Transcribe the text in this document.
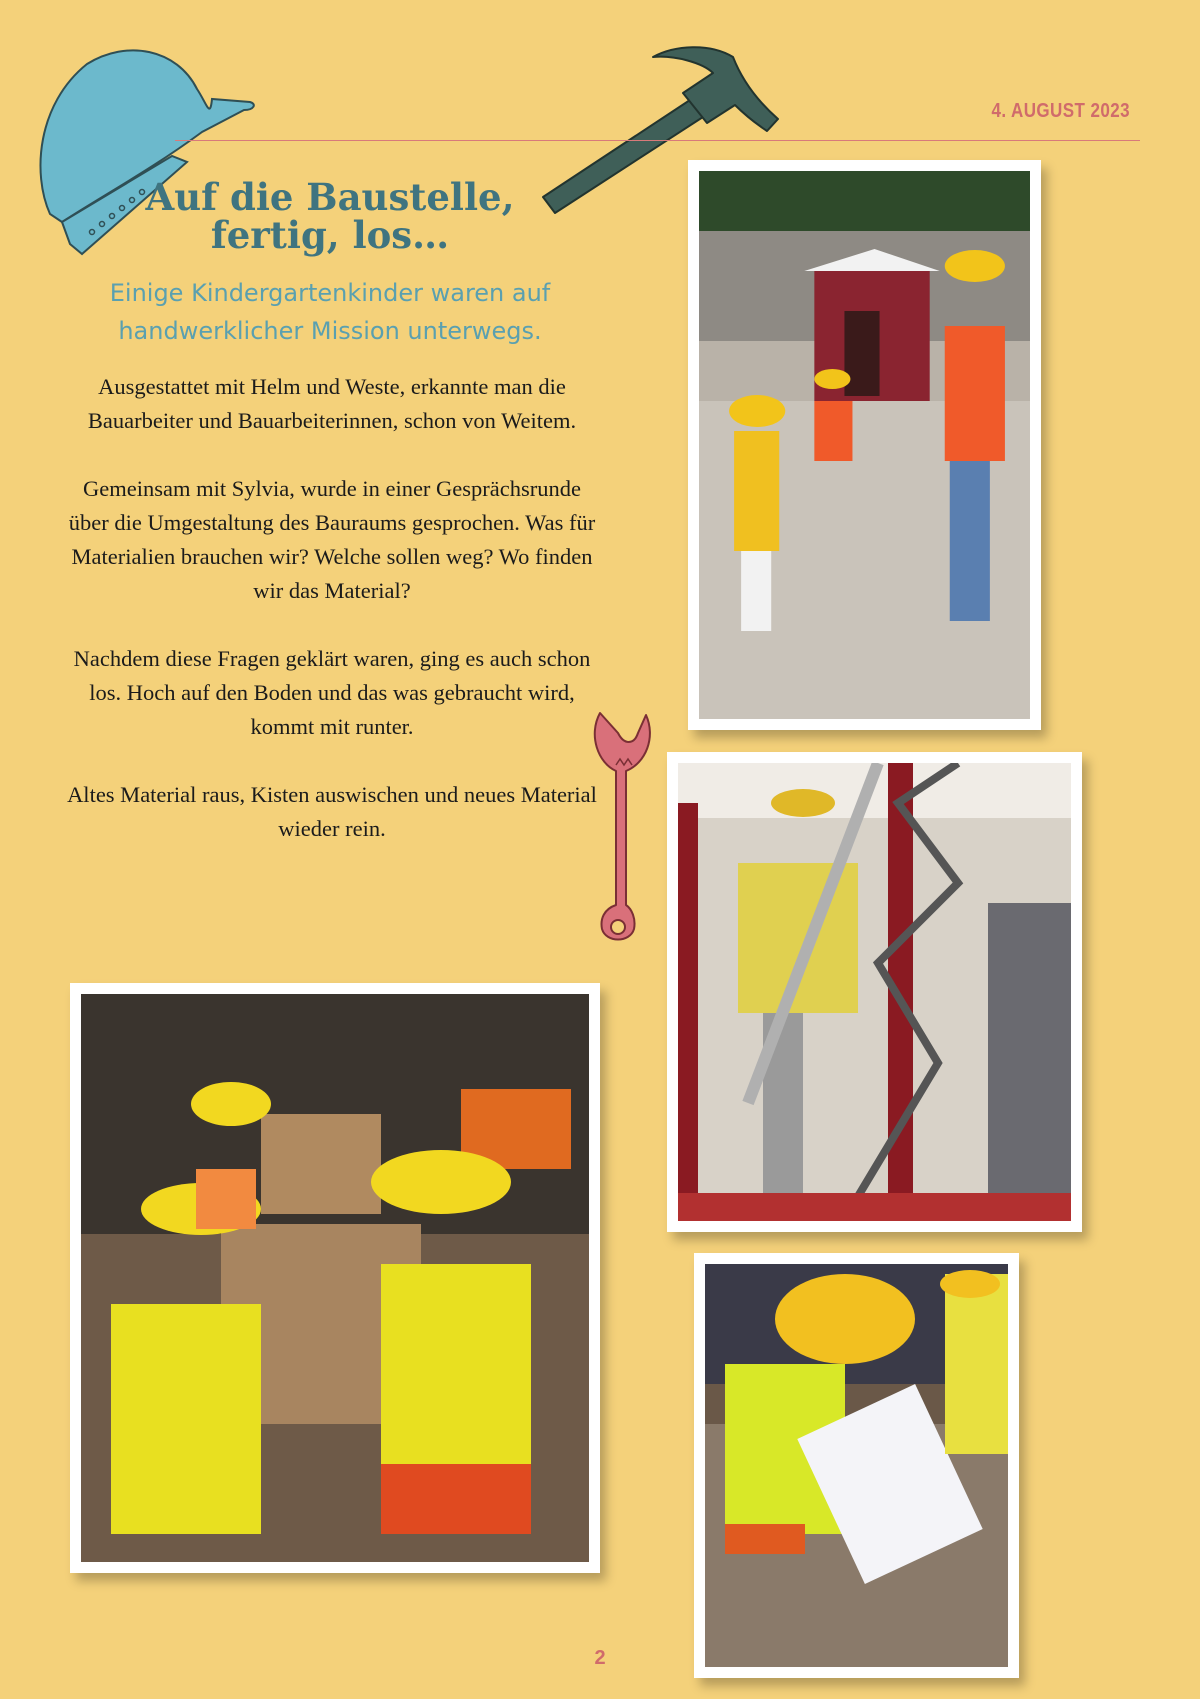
4. AUGUST 2023
Auf die Baustelle,
fertig, los…
Einige Kindergartenkinder waren auf
handwerklicher Mission unterwegs.

Ausgestattet mit Helm und Weste, erkannte man die Bauarbeiter und Bauarbeiterinnen, schon von Weitem.

Gemeinsam mit Sylvia, wurde in einer Gesprächsrunde über die Umgestaltung des Bauraums gesprochen. Was für Materialien brauchen wir? Welche sollen weg? Wo finden wir das Material?

Nachdem diese Fragen geklärt waren, ging es auch schon los. Hoch auf den Boden und das was gebraucht wird, kommt mit runter.

Altes Material raus, Kisten auswischen und neues Material wieder rein.

2
